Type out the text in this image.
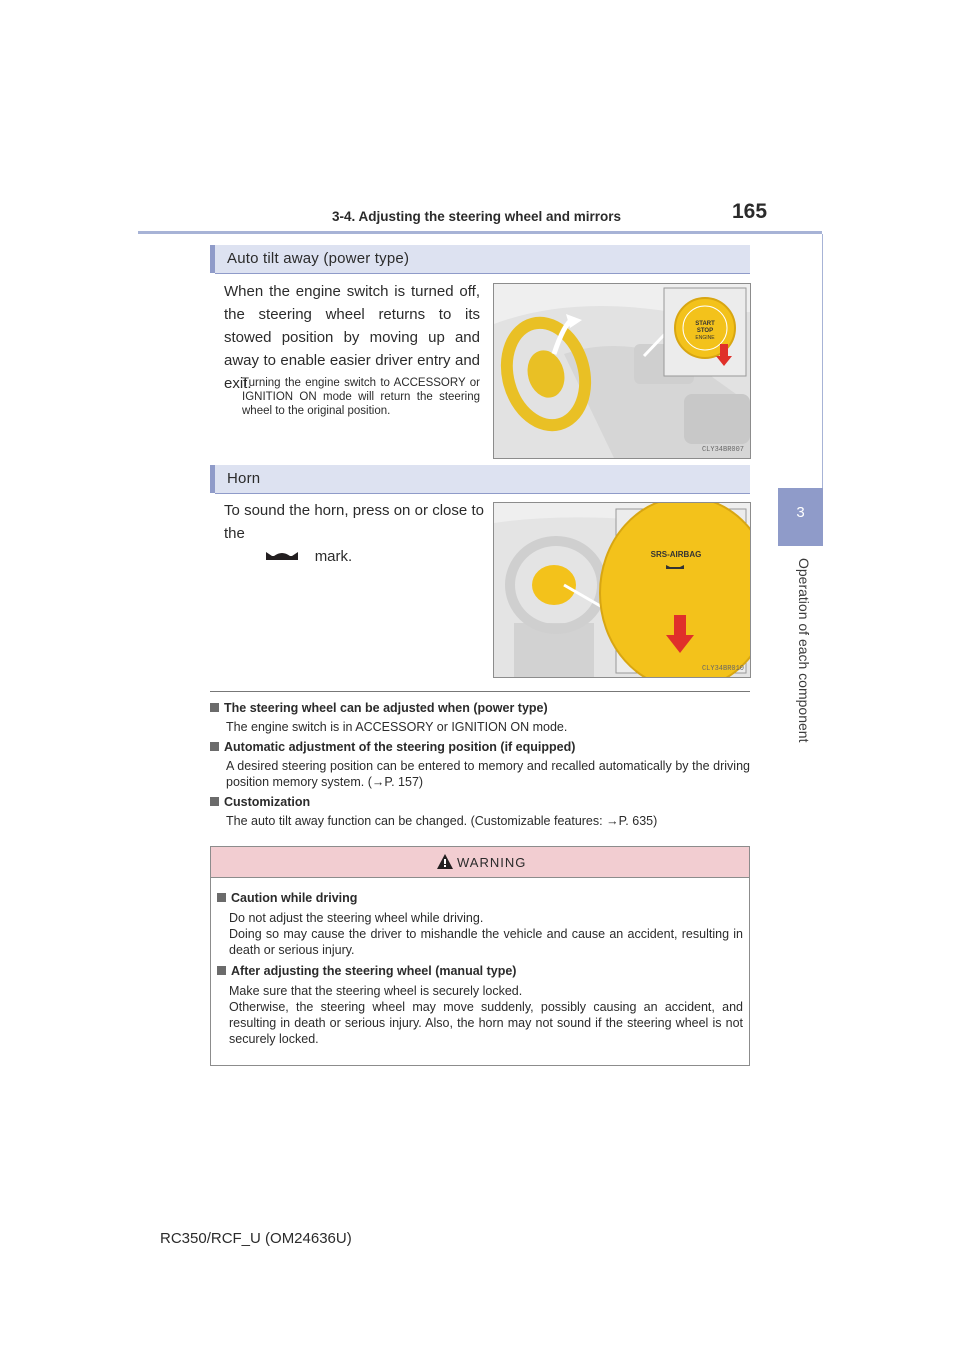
3-4. Adjusting the steering wheel and mirrors	165
3
Operation of each component
Auto tilt away (power type)
When the engine switch is turned off, the steering wheel returns to its stowed position by moving up and away to enable easier driver entry and exit.
Turning the engine switch to ACCESSORY or IGNITION ON mode will return the steering wheel to the original position.
START
STOP
ENGINE
CLY34BR007
Horn
To sound the horn, press on or close to the
mark.	SRS-AIRBAG
CLY34BR010
The steering wheel can be adjusted when (power type)
The engine switch is in ACCESSORY or IGNITION ON mode.
Automatic adjustment of the steering position (if equipped)
A desired steering position can be entered to memory and recalled automatically by the driving position memory system. (→P. 157)
Customization
The auto tilt away function can be changed. (Customizable features: →P. 635)
WARNING
Caution while driving
Do not adjust the steering wheel while driving.
Doing so may cause the driver to mishandle the vehicle and cause an accident, resulting in death or serious injury.
After adjusting the steering wheel (manual type)
Make sure that the steering wheel is securely locked.
Otherwise, the steering wheel may move suddenly, possibly causing an accident, and resulting in death or serious injury. Also, the horn may not sound if the steering wheel is not securely locked.
RC350/RCF_U (OM24636U)
